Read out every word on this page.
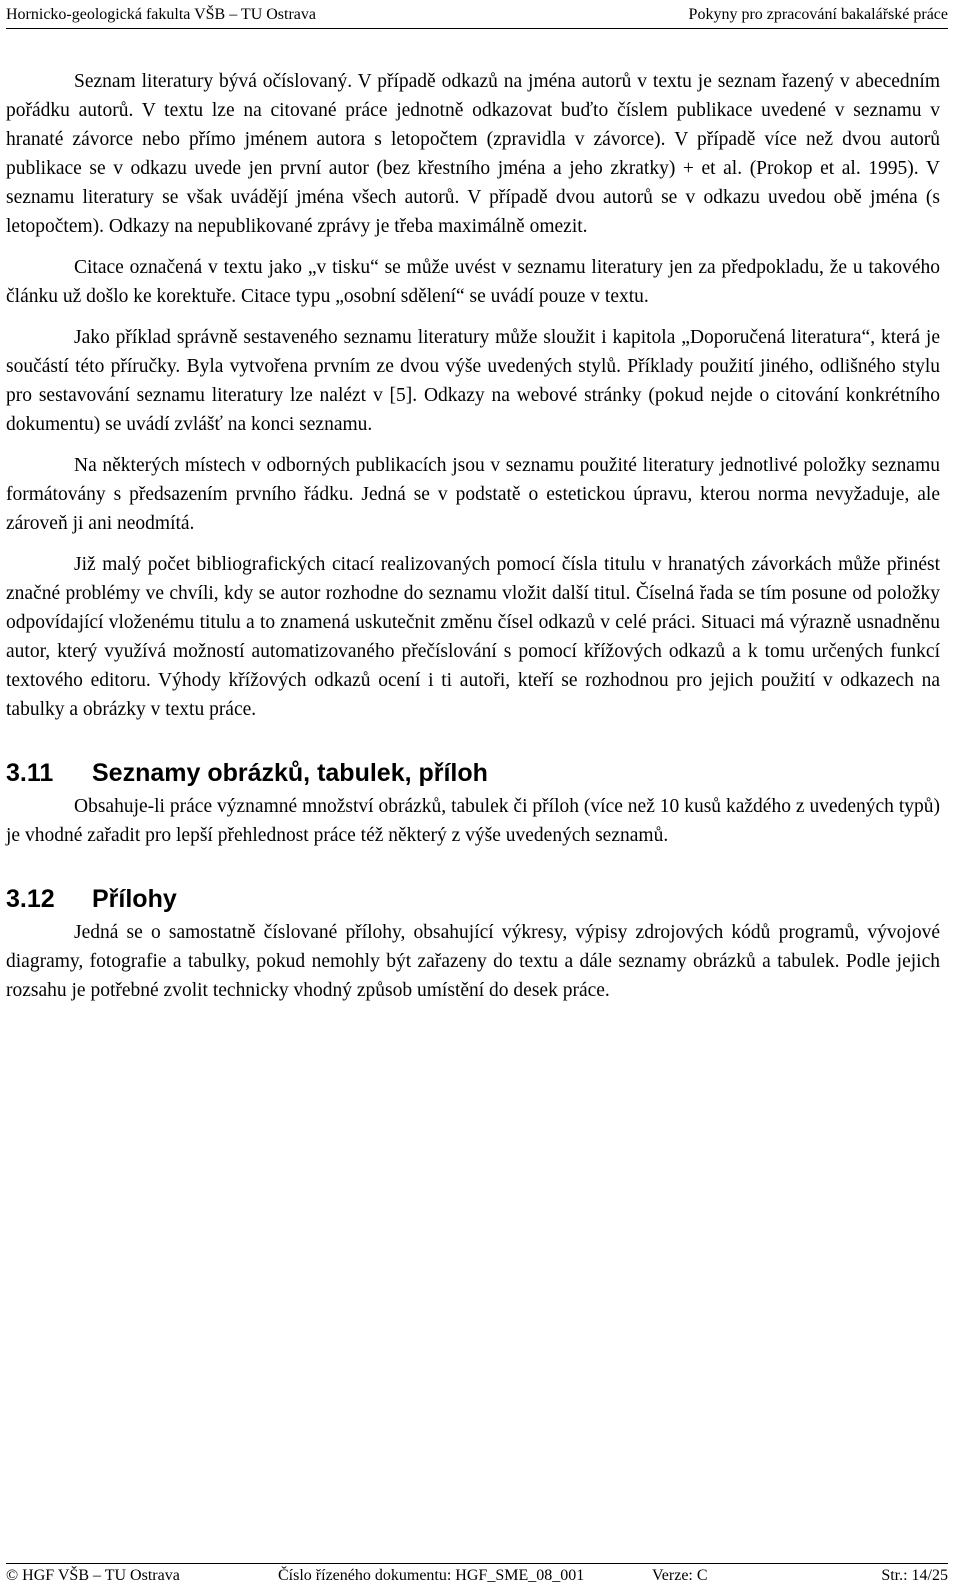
Hornicko-geologická fakulta VŠB – TU Ostrava	Pokyny pro zpracování bakalářské práce

Seznam literatury bývá očíslovaný. V případě odkazů na jména autorů v textu je seznam řazený v abecedním pořádku autorů. V textu lze na citované práce jednotně odkazovat buďto číslem publikace uvedené v seznamu v hranaté závorce nebo přímo jménem autora s letopočtem (zpravidla v závorce). V případě více než dvou autorů publikace se v odkazu uvede jen první autor (bez křestního jména a jeho zkratky) + et al. (Prokop et al. 1995). V seznamu literatury se však uvádějí jména všech autorů. V případě dvou autorů se v odkazu uvedou obě jména (s letopočtem). Odkazy na nepublikované zprávy je třeba maximálně omezit.

Citace označená v textu jako „v tisku“ se může uvést v seznamu literatury jen za předpokladu, že u takového článku už došlo ke korektuře. Citace typu „osobní sdělení“ se uvádí pouze v textu.

Jako příklad správně sestaveného seznamu literatury může sloužit i kapitola „Doporučená literatura“, která je součástí této příručky. Byla vytvořena prvním ze dvou výše uvedených stylů. Příklady použití jiného, odlišného stylu pro sestavování seznamu literatury lze nalézt v [5]. Odkazy na webové stránky (pokud nejde o citování konkrétního dokumentu) se uvádí zvlášť na konci seznamu.

Na některých místech v odborných publikacích jsou v seznamu použité literatury jednotlivé položky seznamu formátovány s předsazením prvního řádku. Jedná se v podstatě o estetickou úpravu, kterou norma nevyžaduje, ale zároveň ji ani neodmítá.

Již malý počet bibliografických citací realizovaných pomocí čísla titulu v hranatých závorkách může přinést značné problémy ve chvíli, kdy se autor rozhodne do seznamu vložit další titul. Číselná řada se tím posune od položky odpovídající vloženému titulu a to znamená uskutečnit změnu čísel odkazů v celé práci. Situaci má výrazně usnadněnu autor, který využívá možností automatizovaného přečíslování s pomocí křížových odkazů a k tomu určených funkcí textového editoru. Výhody křížových odkazů ocení i ti autoři, kteří se rozhodnou pro jejich použití v odkazech na tabulky a obrázky v textu práce.

3.11 Seznamy obrázků, tabulek, příloh

Obsahuje-li práce významné množství obrázků, tabulek či příloh (více než 10 kusů každého z uvedených typů) je vhodné zařadit pro lepší přehlednost práce též některý z výše uvedených seznamů.

3.12 Přílohy

Jedná se o samostatně číslované přílohy, obsahující výkresy, výpisy zdrojových kódů programů, vývojové diagramy, fotografie a tabulky, pokud nemohly být zařazeny do textu a dále seznamy obrázků a tabulek. Podle jejich rozsahu je potřebné zvolit technicky vhodný způsob umístění do desek práce.

© HGF VŠB – TU Ostrava	Číslo řízeného dokumentu: HGF_SME_08_001	Verze: C	Str.: 14/25
